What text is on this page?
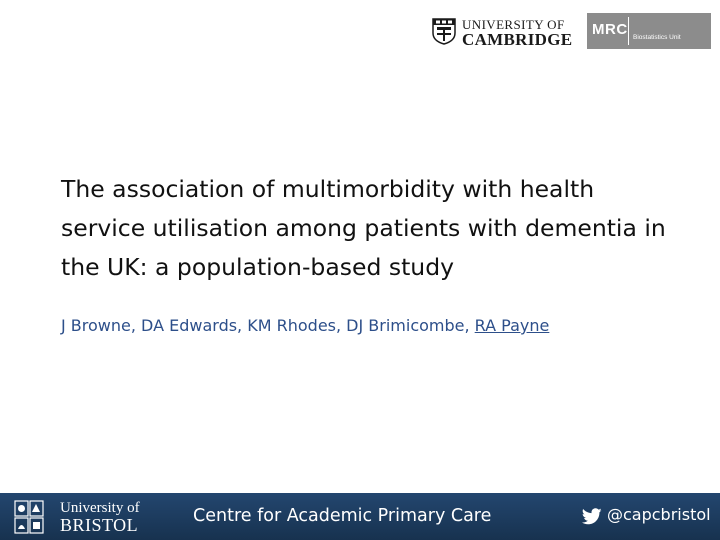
UNIVERSITY OF
CAMBRIDGE
MRC Biostatistics Unit
The association of multimorbidity with health service utilisation among patients with dementia in the UK: a population-based study

J Browne, DA Edwards, KM Rhodes, DJ Brimicombe, RA Payne

University of
BRISTOL	Centre for Academic Primary Care	@capcbristol
